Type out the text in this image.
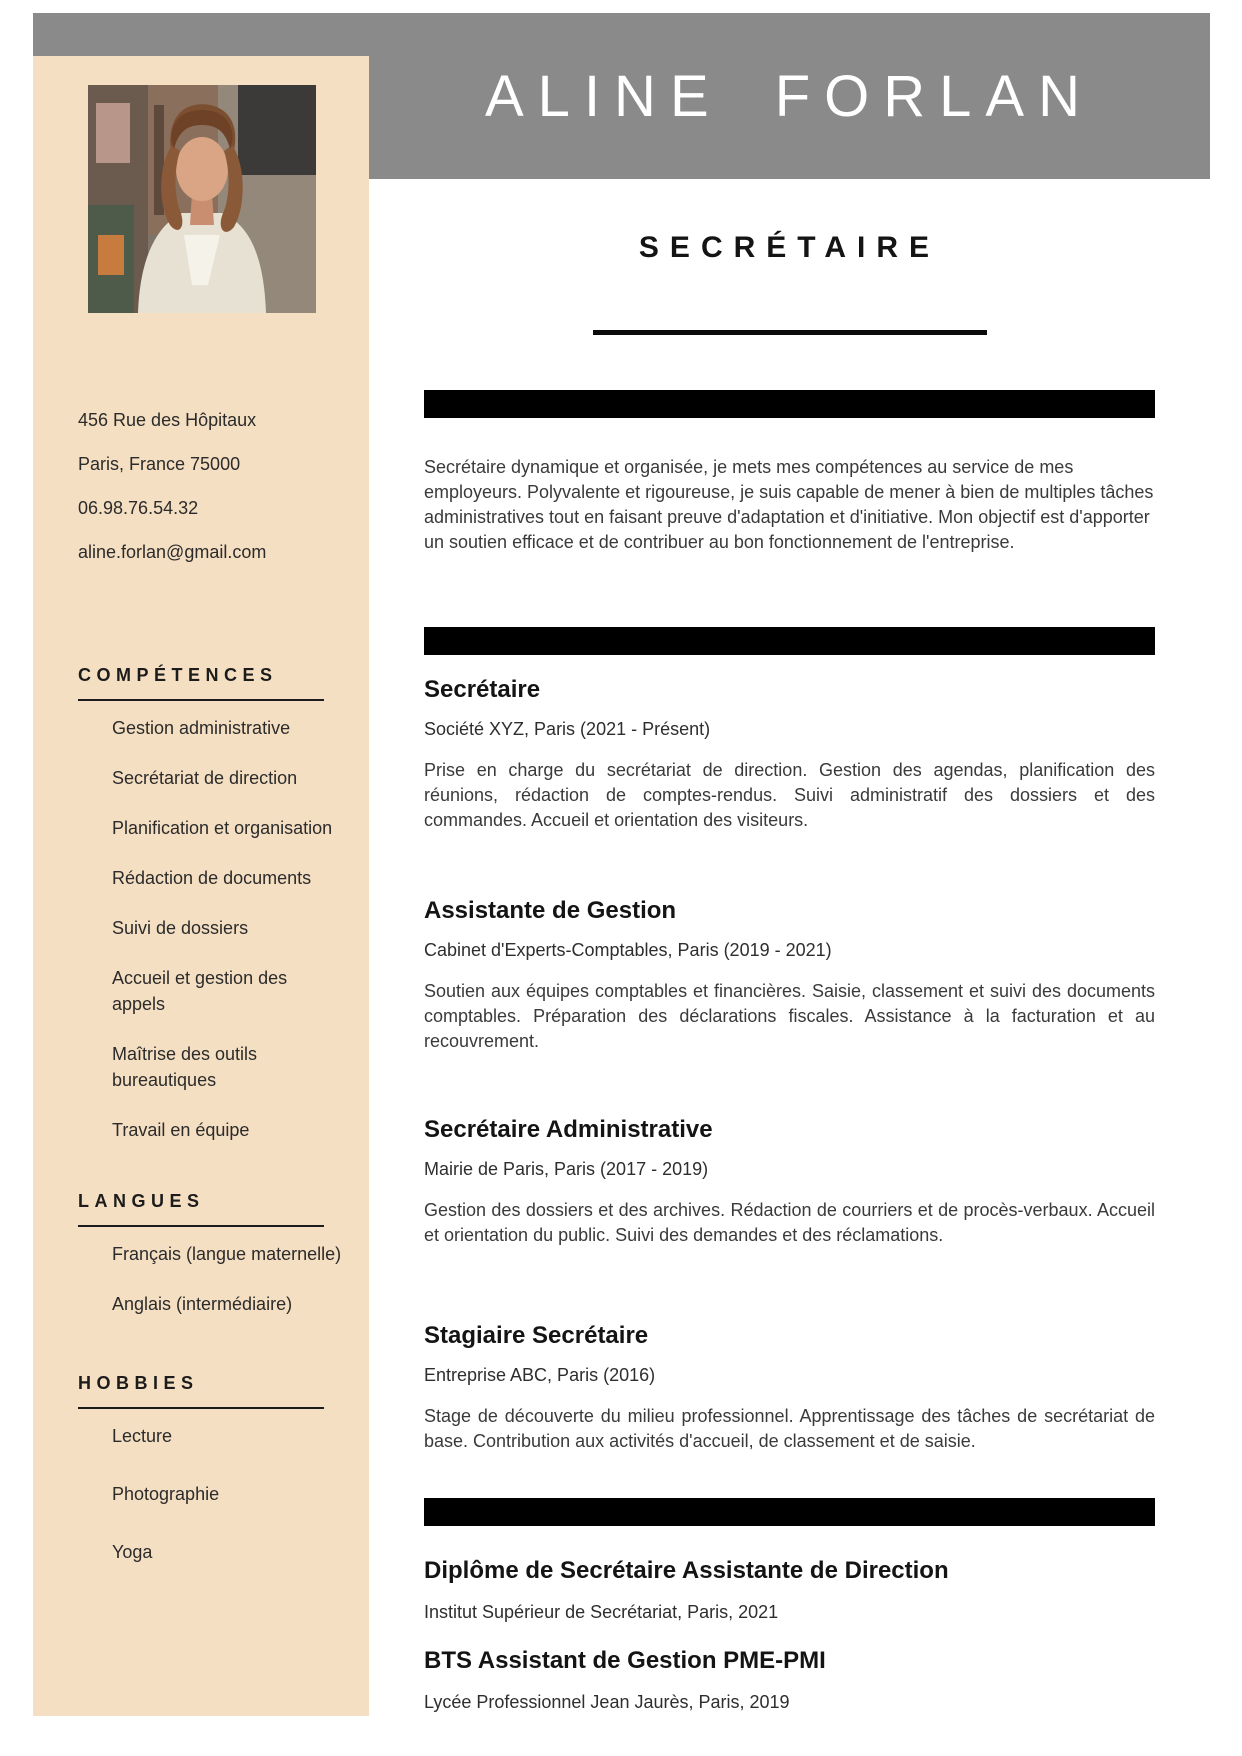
ALINE FORLAN
456 Rue des Hôpitaux
Paris, France 75000
06.98.76.54.32
aline.forlan@gmail.com
COMPÉTENCES
Gestion administrative
Secrétariat de direction
Planification et organisation
Rédaction de documents
Suivi de dossiers
Accueil et gestion des appels
Maîtrise des outils bureautiques
Travail en équipe
LANGUES
Français (langue maternelle)
Anglais (intermédiaire)
HOBBIES
Lecture
Photographie
Yoga
SECRÉTAIRE

Secrétaire dynamique et organisée, je mets mes compétences au service de mes employeurs. Polyvalente et rigoureuse, je suis capable de mener à bien de multiples tâches administratives tout en faisant preuve d'adaptation et d'initiative. Mon objectif est d'apporter un soutien efficace et de contribuer au bon fonctionnement de l'entreprise.

Secrétaire
Société XYZ, Paris (2021 - Présent)

Prise en charge du secrétariat de direction. Gestion des agendas, planification des réunions, rédaction de comptes-rendus. Suivi administratif des dossiers et des commandes. Accueil et orientation des visiteurs.

Assistante de Gestion
Cabinet d'Experts-Comptables, Paris (2019 - 2021)

Soutien aux équipes comptables et financières. Saisie, classement et suivi des documents comptables. Préparation des déclarations fiscales. Assistance à la facturation et au recouvrement.

Secrétaire Administrative
Mairie de Paris, Paris (2017 - 2019)

Gestion des dossiers et des archives. Rédaction de courriers et de procès-verbaux. Accueil et orientation du public. Suivi des demandes et des réclamations.

Stagiaire Secrétaire
Entreprise ABC, Paris (2016)

Stage de découverte du milieu professionnel. Apprentissage des tâches de secrétariat de base. Contribution aux activités d'accueil, de classement et de saisie.

Diplôme de Secrétaire Assistante de Direction
Institut Supérieur de Secrétariat, Paris, 2021
BTS Assistant de Gestion PME-PMI
Lycée Professionnel Jean Jaurès, Paris, 2019
